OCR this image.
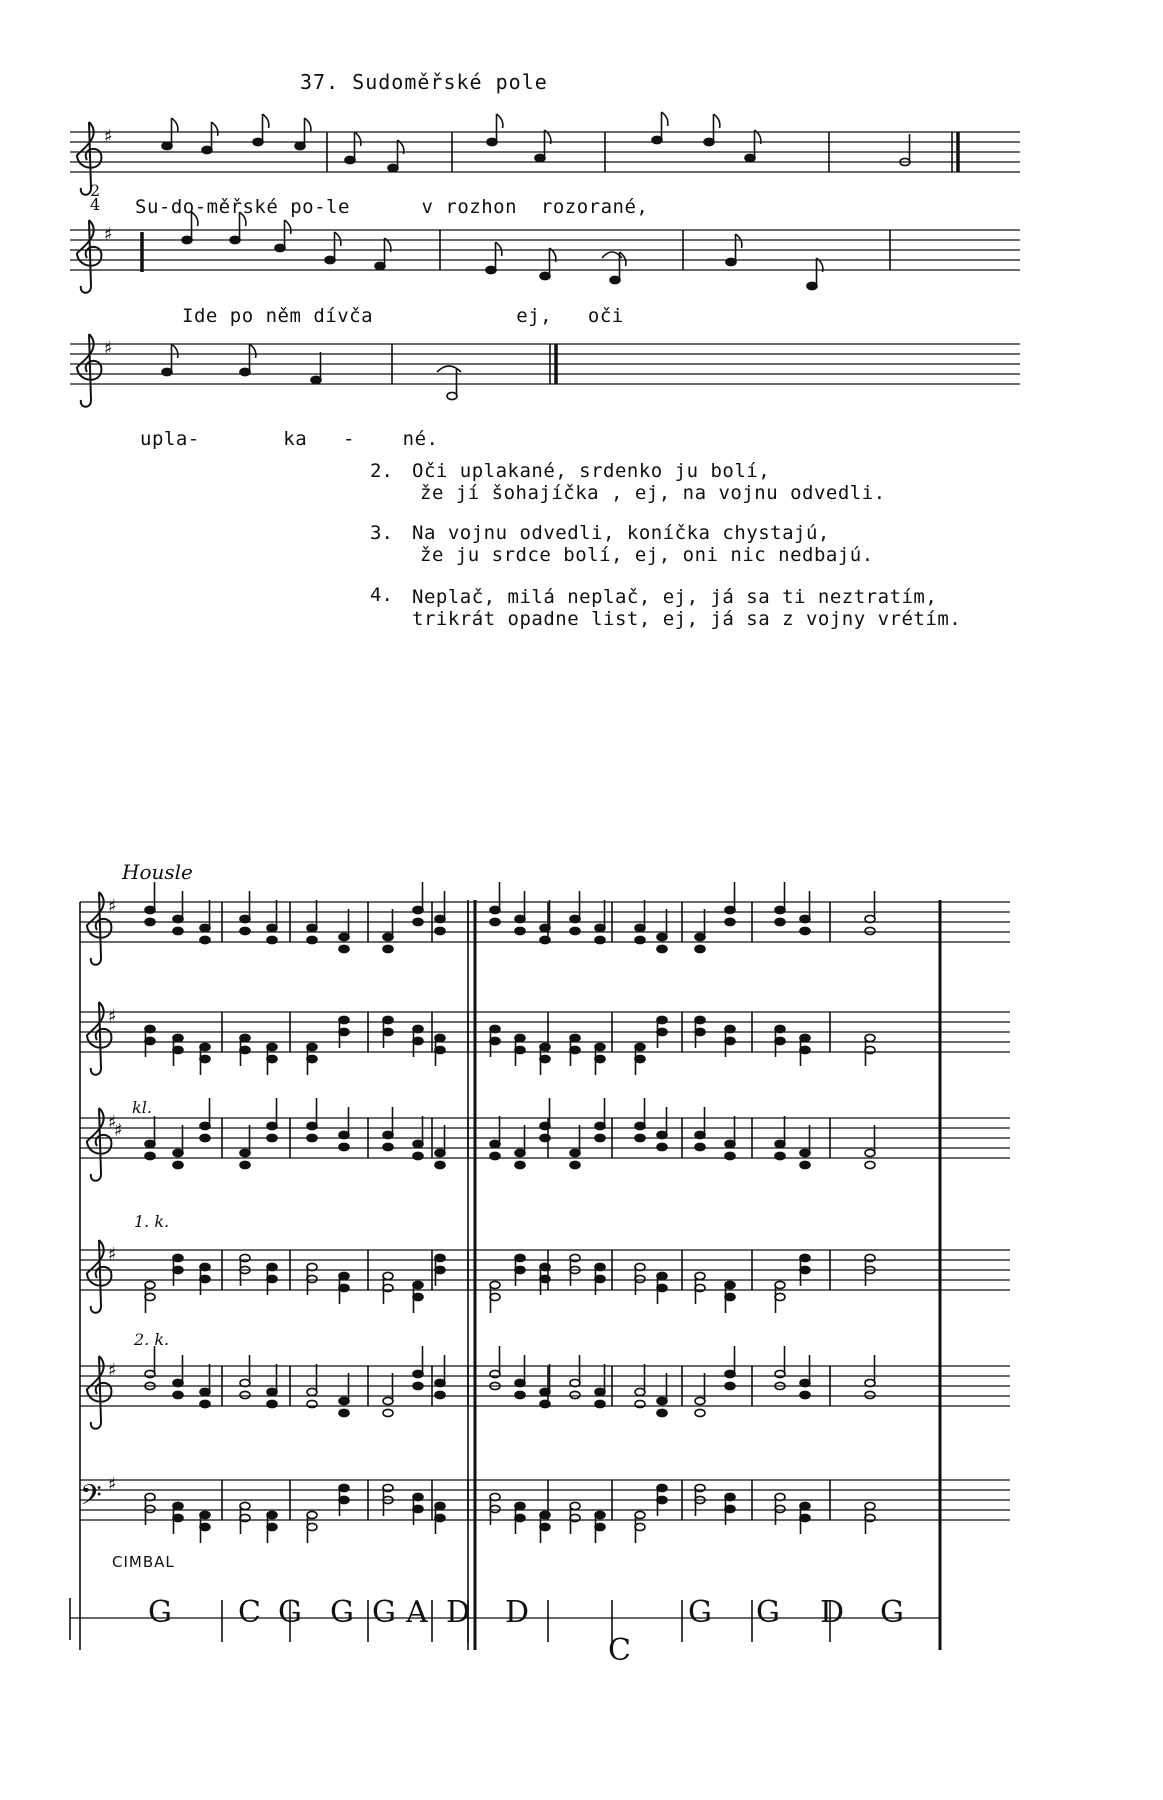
37. Sudoměřské pole
♯
♯
♯
2
4
♯
♯
♯
♯
♯
♯
𝄢 ♯
G C G G G A D D
C
G G D G
Su-do-měřské po-le      v rozhon  rozorané,
Ide po něm dívča            ej,   oči
upla-       ka   -    né.
2. Oči uplakané, srdenko ju bolí,
že jí šohajíčka , ej, na vojnu odvedli.
3. Na vojnu odvedli, koníčka chystajú,
že ju srdce bolí, ej, oni nic nedbajú.
4. Neplač, milá neplač, ej, já sa ti neztratím,
trikrát opadne list, ej, já sa z vojny vrétím.
Housle
kl.
1. k.
2. k.
CIMBAL
